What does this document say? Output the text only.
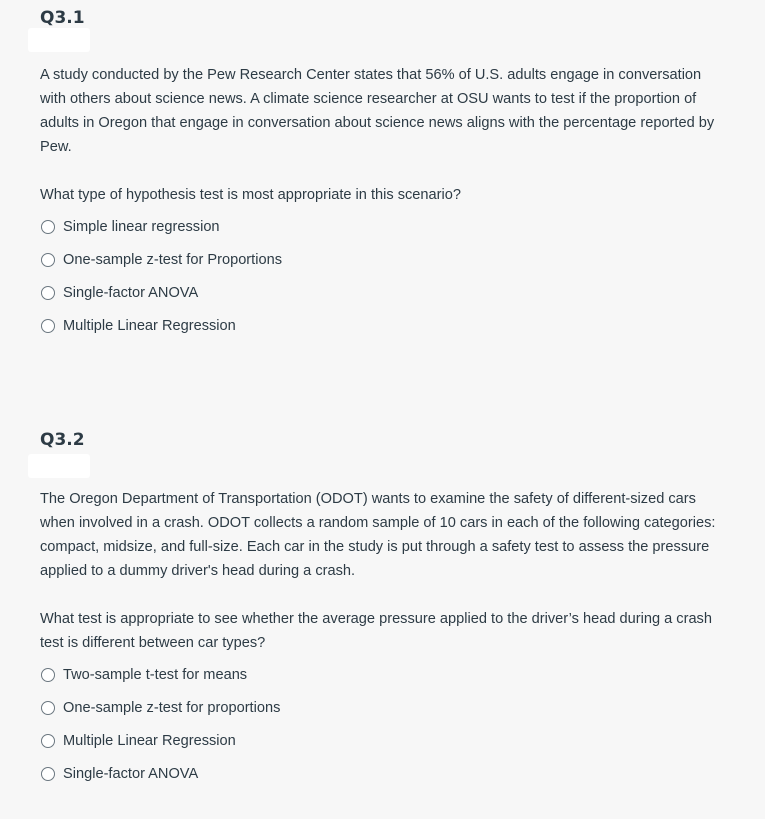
Q3.1

A study conducted by the Pew Research Center states that 56% of U.S. adults engage in conversation with others about science news. A climate science researcher at OSU wants to test if the proportion of adults in Oregon that engage in conversation about science news aligns with the percentage reported by Pew.

What type of hypothesis test is most appropriate in this scenario?

Simple linear regression
One-sample z-test for Proportions
Single-factor ANOVA
Multiple Linear Regression
Q3.2

The Oregon Department of Transportation (ODOT) wants to examine the safety of different-sized cars when involved in a crash. ODOT collects a random sample of 10 cars in each of the following categories: compact, midsize, and full-size. Each car in the study is put through a safety test to assess the pressure applied to a dummy driver's head during a crash.

What test is appropriate to see whether the average pressure applied to the driver’s head during a crash test is different between car types?

Two-sample t-test for means
One-sample z-test for proportions
Multiple Linear Regression
Single-factor ANOVA
